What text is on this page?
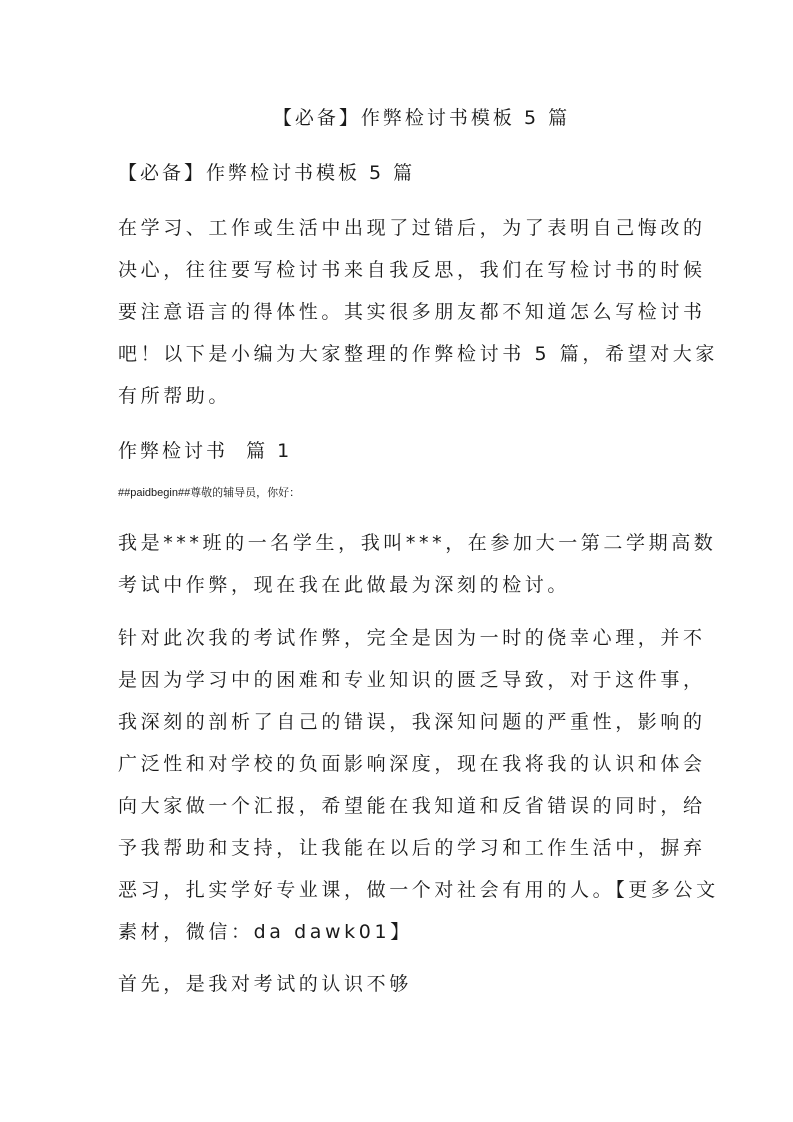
【必备】作弊检讨书模板 5 篇
【必备】作弊检讨书模板 5 篇
在学习、工作或生活中出现了过错后，为了表明自己悔改的
决心，往往要写检讨书来自我反思，我们在写检讨书的时候
要注意语言的得体性。其实很多朋友都不知道怎么写检讨书
吧！以下是小编为大家整理的作弊检讨书 5 篇，希望对大家
有所帮助。
作弊检讨书  篇 1
##paidbegin##尊敬的辅导员，你好：
我是***班的一名学生，我叫***，在参加大一第二学期高数
考试中作弊，现在我在此做最为深刻的检讨。
针对此次我的考试作弊，完全是因为一时的侥幸心理，并不
是因为学习中的困难和专业知识的匮乏导致，对于这件事，
我深刻的剖析了自己的错误，我深知问题的严重性，影响的
广泛性和对学校的负面影响深度，现在我将我的认识和体会
向大家做一个汇报，希望能在我知道和反省错误的同时，给
予我帮助和支持，让我能在以后的学习和工作生活中，摒弃
恶习，扎实学好专业课，做一个对社会有用的人。【更多公文
素材，微信：da dawk01】
首先，是我对考试的认识不够
